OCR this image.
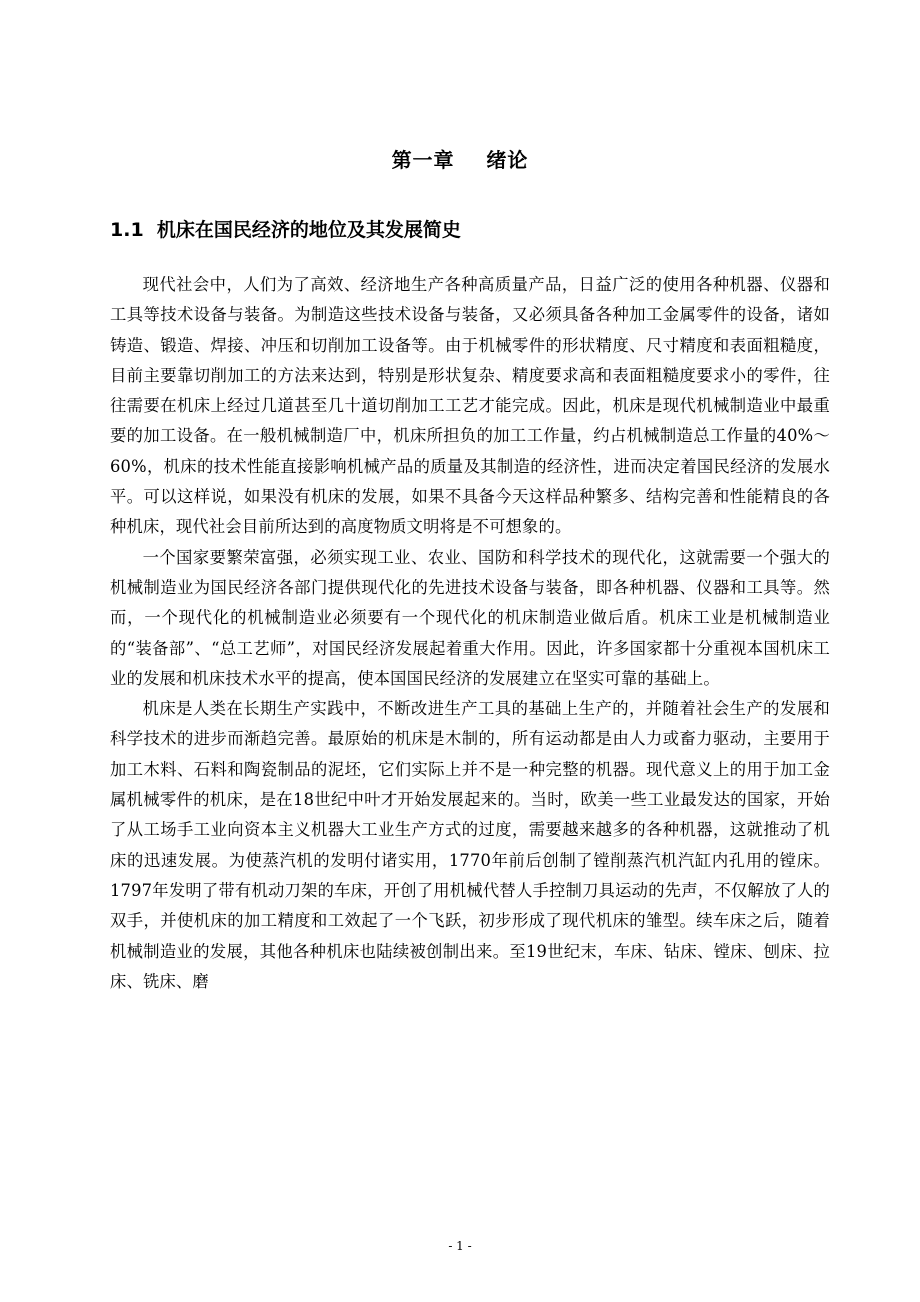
第一章    绪论
1.1  机床在国民经济的地位及其发展简史

现代社会中，人们为了高效、经济地生产各种高质量产品，日益广泛的使用各种机器、仪器和工具等技术设备与装备。为制造这些技术设备与装备，又必须具备各种加工金属零件的设备，诸如铸造、锻造、焊接、冲压和切削加工设备等。由于机械零件的形状精度、尺寸精度和表面粗糙度，目前主要靠切削加工的方法来达到，特别是形状复杂、精度要求高和表面粗糙度要求小的零件，往往需要在机床上经过几道甚至几十道切削加工工艺才能完成。因此，机床是现代机械制造业中最重要的加工设备。在一般机械制造厂中，机床所担负的加工工作量，约占机械制造总工作量的40%～60%，机床的技术性能直接影响机械产品的质量及其制造的经济性，进而决定着国民经济的发展水平。可以这样说，如果没有机床的发展，如果不具备今天这样品种繁多、结构完善和性能精良的各种机床，现代社会目前所达到的高度物质文明将是不可想象的。

一个国家要繁荣富强，必须实现工业、农业、国防和科学技术的现代化，这就需要一个强大的机械制造业为国民经济各部门提供现代化的先进技术设备与装备，即各种机器、仪器和工具等。然而，一个现代化的机械制造业必须要有一个现代化的机床制造业做后盾。机床工业是机械制造业的“装备部”、“总工艺师”，对国民经济发展起着重大作用。因此，许多国家都十分重视本国机床工业的发展和机床技术水平的提高，使本国国民经济的发展建立在坚实可靠的基础上。

机床是人类在长期生产实践中，不断改进生产工具的基础上生产的，并随着社会生产的发展和科学技术的进步而渐趋完善。最原始的机床是木制的，所有运动都是由人力或畜力驱动，主要用于加工木料、石料和陶瓷制品的泥坯，它们实际上并不是一种完整的机器。现代意义上的用于加工金属机械零件的机床，是在18世纪中叶才开始发展起来的。当时，欧美一些工业最发达的国家，开始了从工场手工业向资本主义机器大工业生产方式的过度，需要越来越多的各种机器，这就推动了机床的迅速发展。为使蒸汽机的发明付诸实用，1770年前后创制了镗削蒸汽机汽缸内孔用的镗床。1797年发明了带有机动刀架的车床，开创了用机械代替人手控制刀具运动的先声，不仅解放了人的双手，并使机床的加工精度和工效起了一个飞跃，初步形成了现代机床的雏型。续车床之后，随着机械制造业的发展，其他各种机床也陆续被创制出来。至19世纪末，车床、钻床、镗床、刨床、拉床、铣床、磨

- 1 -
